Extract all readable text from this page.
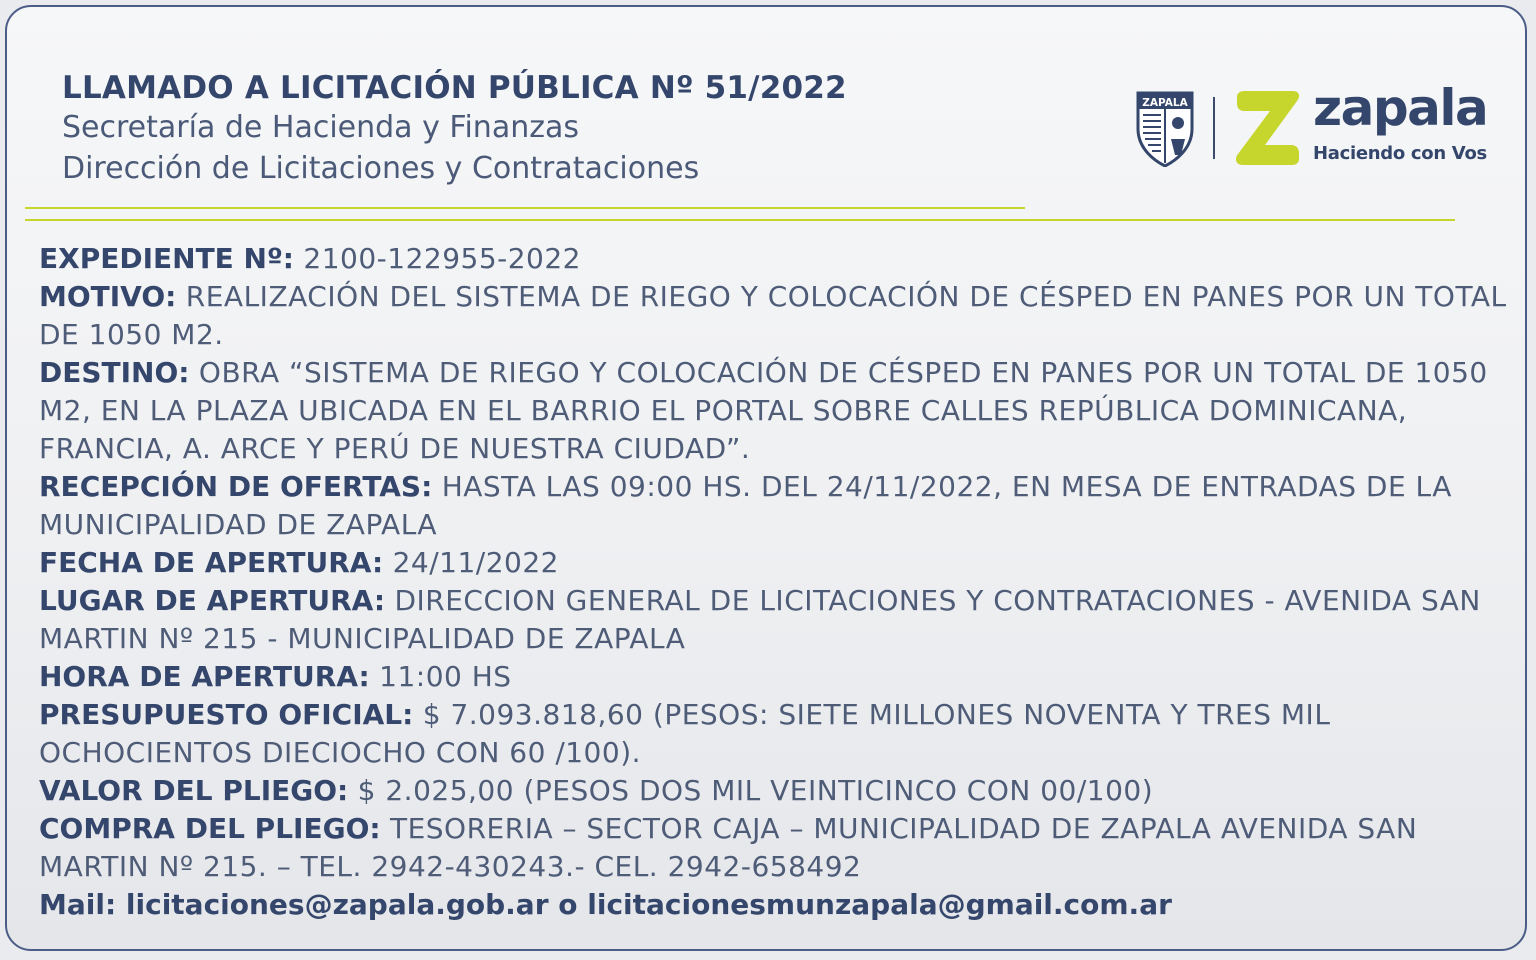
LLAMADO A LICITACIÓN PÚBLICA Nº 51/2022
Secretaría de Hacienda y Finanzas
Dirección de Licitaciones y Contrataciones
ZAPALA	zapala
Haciendo con Vos

EXPEDIENTE Nº: 2100-122955-2022

MOTIVO: REALIZACIÓN DEL SISTEMA DE RIEGO Y COLOCACIÓN DE CÉSPED EN PANES POR UN TOTAL DE 1050 M2.

DESTINO: OBRA “SISTEMA DE RIEGO Y COLOCACIÓN DE CÉSPED EN PANES POR UN TOTAL DE 1050 M2, EN LA PLAZA UBICADA EN EL BARRIO EL PORTAL SOBRE CALLES REPÚBLICA DOMINICANA, FRANCIA, A. ARCE Y PERÚ DE NUESTRA CIUDAD”.

RECEPCIÓN DE OFERTAS: HASTA LAS 09:00 HS. DEL 24/11/2022, EN MESA DE ENTRADAS DE LA MUNICIPALIDAD DE ZAPALA

FECHA DE APERTURA: 24/11/2022

LUGAR DE APERTURA: DIRECCION GENERAL DE LICITACIONES Y CONTRATACIONES - AVENIDA SAN MARTIN Nº 215 - MUNICIPALIDAD DE ZAPALA

HORA DE APERTURA: 11:00 HS

PRESUPUESTO OFICIAL: $ 7.093.818,60 (PESOS: SIETE MILLONES NOVENTA Y TRES MIL OCHOCIENTOS DIECIOCHO CON 60 /100).

VALOR DEL PLIEGO: $ 2.025,00 (PESOS DOS MIL VEINTICINCO CON 00/100)

COMPRA DEL PLIEGO: TESORERIA – SECTOR CAJA – MUNICIPALIDAD DE ZAPALA AVENIDA SAN MARTIN Nº 215. – TEL. 2942-430243.- CEL. 2942-658492

Mail: licitaciones@zapala.gob.ar o licitacionesmunzapala@gmail.com.ar
